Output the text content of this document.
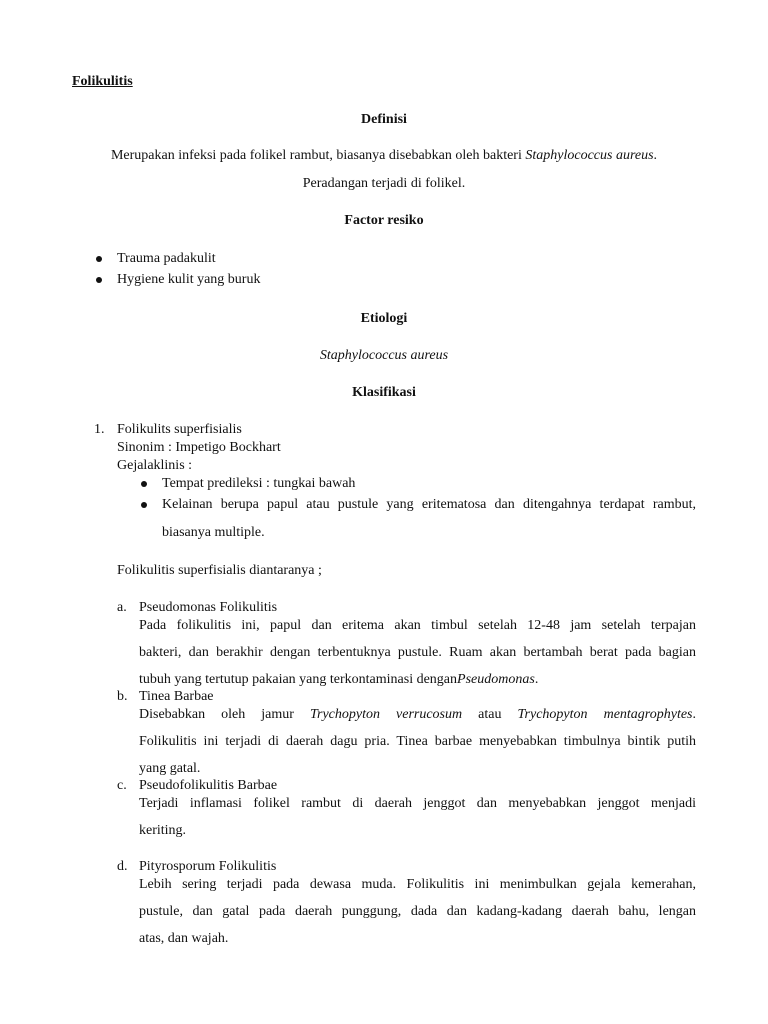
Folikulitis
Definisi
Merupakan infeksi pada folikel rambut, biasanya disebabkan oleh bakteri Staphylococcus aureus.
Peradangan terjadi di folikel.
Factor resiko
Trauma padakulit
Hygiene kulit yang buruk
Etiologi
Staphylococcus aureus
Klasifikasi
1. Folikulits superfisialis
Sinonim : Impetigo Bockhart
Gejalaklinis :
Tempat predileksi : tungkai bawah
Kelainan berupa papul atau pustule yang eritematosa dan ditengahnya terdapat rambut,
biasanya multiple.
Folikulitis superfisialis diantaranya ;
a. Pseudomonas Folikulitis
Pada folikulitis ini, papul dan eritema akan timbul setelah 12-48 jam setelah terpajan
bakteri, dan berakhir dengan terbentuknya pustule. Ruam akan bertambah berat pada bagian
tubuh yang tertutup pakaian yang terkontaminasi denganPseudomonas.
b. Tinea Barbae
Disebabkan oleh jamur Trychopyton verrucosum atau Trychopyton mentagrophytes.
Folikulitis ini terjadi di daerah dagu pria. Tinea barbae menyebabkan timbulnya bintik putih
yang gatal.
c. Pseudofolikulitis Barbae
Terjadi inflamasi folikel rambut di daerah jenggot dan menyebabkan jenggot menjadi
keriting.
d. Pityrosporum Folikulitis
Lebih sering terjadi pada dewasa muda. Folikulitis ini menimbulkan gejala kemerahan,
pustule, dan gatal pada daerah punggung, dada dan kadang-kadang daerah bahu, lengan
atas, dan wajah.
